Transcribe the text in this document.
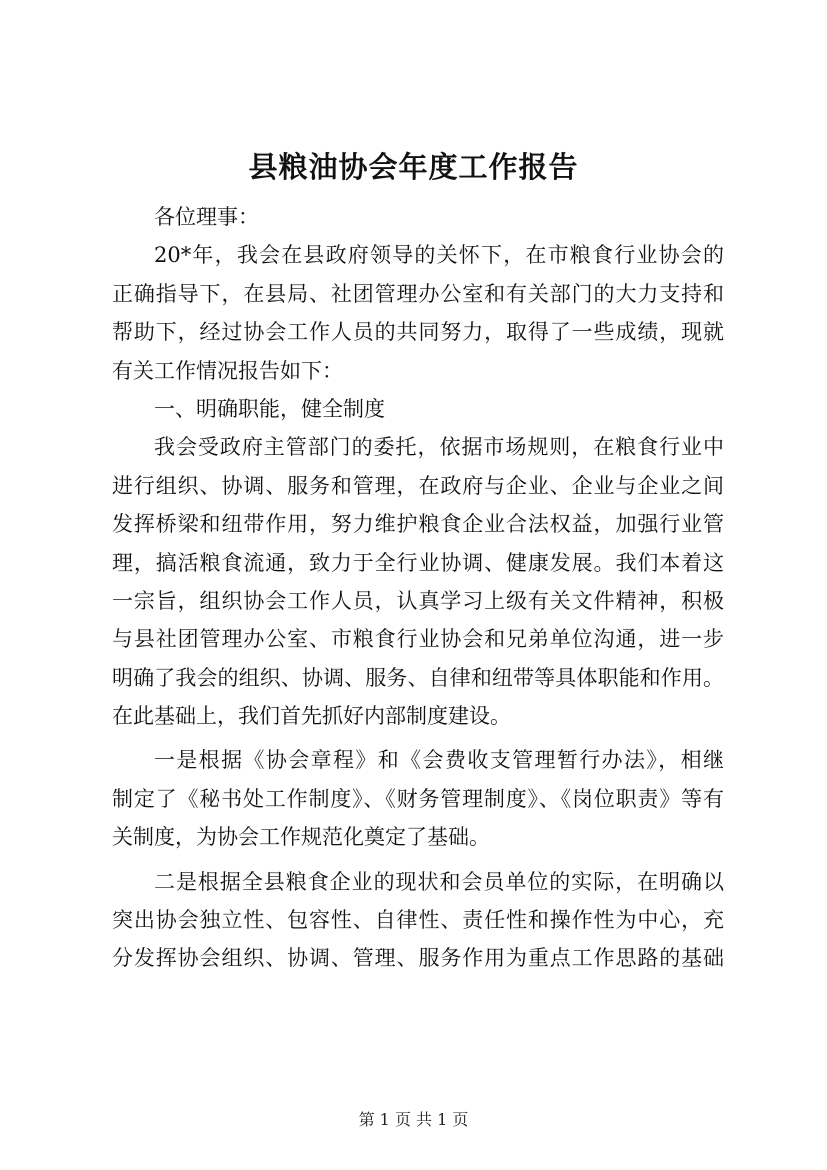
县粮油协会年度工作报告
各位理事：
20*年，我会在县政府领导的关怀下，在市粮食行业协会的
正确指导下，在县局、社团管理办公室和有关部门的大力支持和
帮助下，经过协会工作人员的共同努力，取得了一些成绩，现就
有关工作情况报告如下：
一、明确职能，健全制度
我会受政府主管部门的委托，依据市场规则，在粮食行业中
进行组织、协调、服务和管理，在政府与企业、企业与企业之间
发挥桥梁和纽带作用，努力维护粮食企业合法权益，加强行业管
理，搞活粮食流通，致力于全行业协调、健康发展。我们本着这
一宗旨，组织协会工作人员，认真学习上级有关文件精神，积极
与县社团管理办公室、市粮食行业协会和兄弟单位沟通，进一步
明确了我会的组织、协调、服务、自律和纽带等具体职能和作用。
在此基础上，我们首先抓好内部制度建设。
一是根据《协会章程》和《会费收支管理暂行办法》，相继
制定了《秘书处工作制度》、《财务管理制度》、《岗位职责》等有
关制度，为协会工作规范化奠定了基础。
二是根据全县粮食企业的现状和会员单位的实际，在明确以
突出协会独立性、包容性、自律性、责任性和操作性为中心，充
分发挥协会组织、协调、管理、服务作用为重点工作思路的基础
第 1 页 共 1 页
